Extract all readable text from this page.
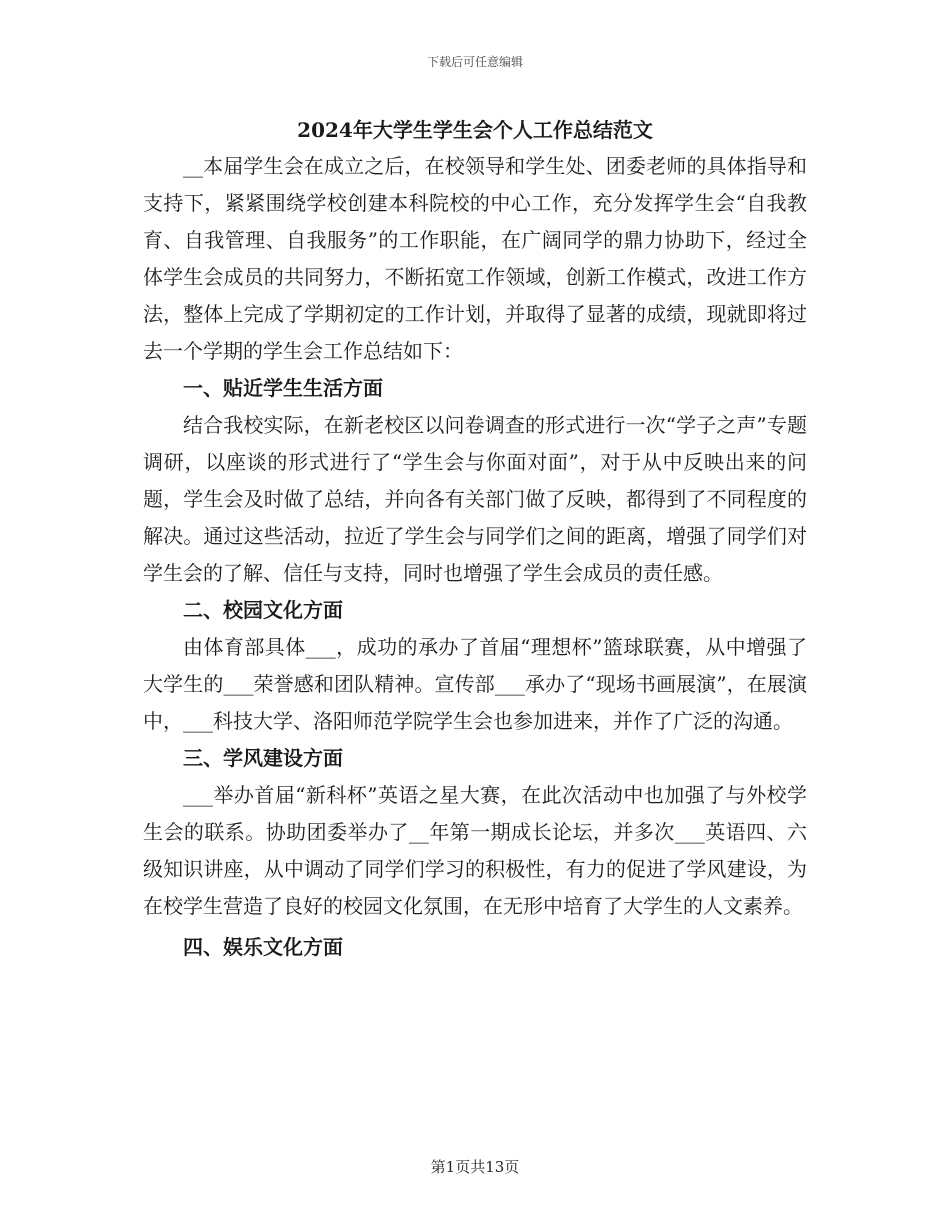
下载后可任意编辑
2024年大学生学生会个人工作总结范文

__本届学生会在成立之后，在校领导和学生处、团委老师的具体指导和支持下，紧紧围绕学校创建本科院校的中心工作，充分发挥学生会“自我教育、自我管理、自我服务”的工作职能，在广阔同学的鼎力协助下，经过全体学生会成员的共同努力，不断拓宽工作领域，创新工作模式，改进工作方法，整体上完成了学期初定的工作计划，并取得了显著的成绩，现就即将过去一个学期的学生会工作总结如下：

一、贴近学生生活方面

结合我校实际，在新老校区以问卷调查的形式进行一次“学子之声”专题调研，以座谈的形式进行了“学生会与你面对面”，对于从中反映出来的问题，学生会及时做了总结，并向各有关部门做了反映，都得到了不同程度的解决。通过这些活动，拉近了学生会与同学们之间的距离，增强了同学们对学生会的了解、信任与支持，同时也增强了学生会成员的责任感。

二、校园文化方面

由体育部具体___，成功的承办了首届“理想杯”篮球联赛，从中增强了大学生的___荣誉感和团队精神。宣传部___承办了“现场书画展演”，在展演中，___科技大学、洛阳师范学院学生会也参加进来，并作了广泛的沟通。

三、学风建设方面

___举办首届“新科杯”英语之星大赛，在此次活动中也加强了与外校学生会的联系。协助团委举办了__年第一期成长论坛，并多次___英语四、六级知识讲座，从中调动了同学们学习的积极性，有力的促进了学风建设，为在校学生营造了良好的校园文化氛围，在无形中培育了大学生的人文素养。

四、娱乐文化方面

第1页共13页
